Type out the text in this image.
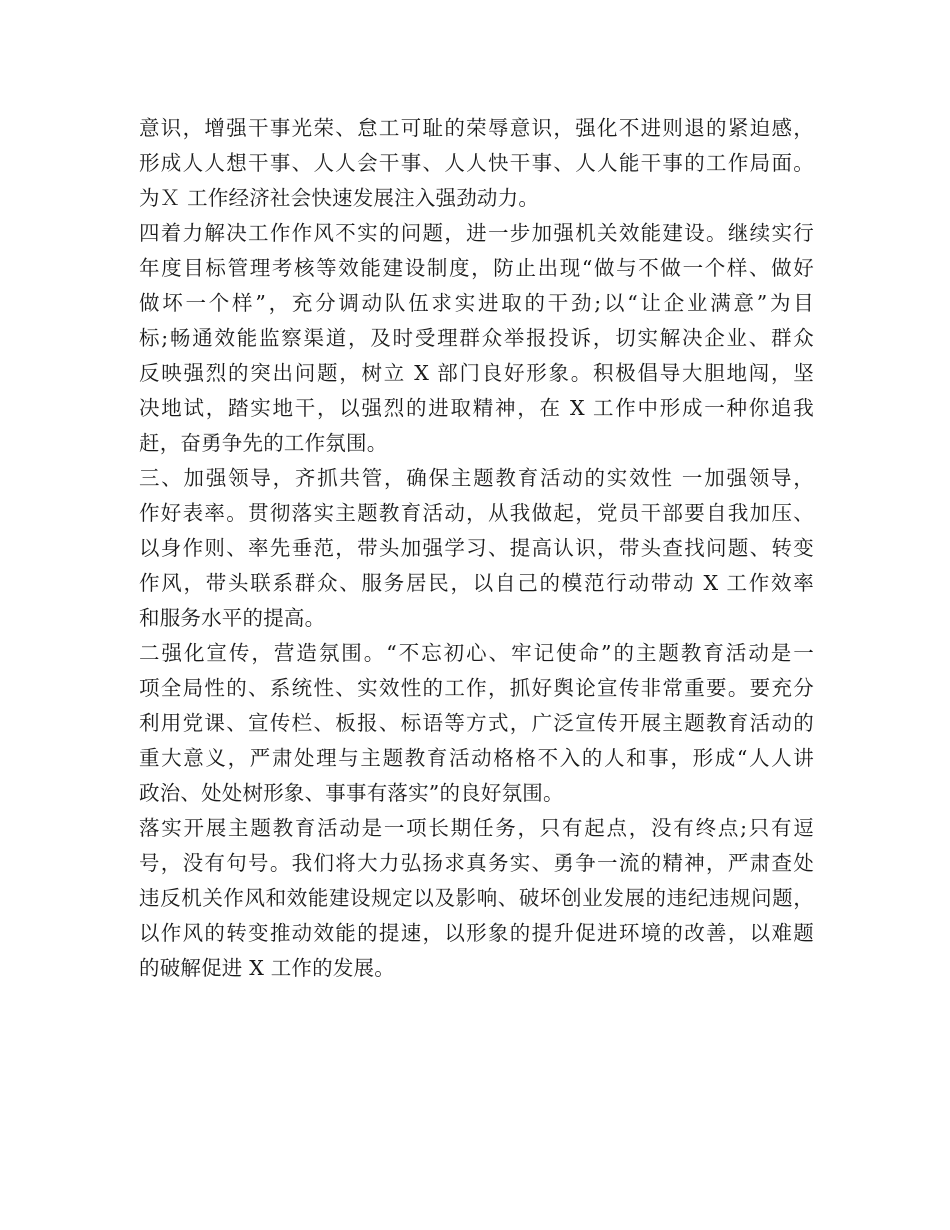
意识，增强干事光荣、怠工可耻的荣辱意识，强化不进则退的紧迫感，
形成人人想干事、人人会干事、人人快干事、人人能干事的工作局面。
为Ｘ 工作经济社会快速发展注入强劲动力。
四着力解决工作作风不实的问题，进一步加强机关效能建设。继续实行
年度目标管理考核等效能建设制度，防止出现“做与不做一个样、做好
做坏一个样”，充分调动队伍求实进取的干劲;以“让企业满意”为目
标;畅通效能监察渠道，及时受理群众举报投诉，切实解决企业、群众
反映强烈的突出问题，树立 X 部门良好形象。积极倡导大胆地闯，坚
决地试，踏实地干，以强烈的进取精神，在 X 工作中形成一种你追我
赶，奋勇争先的工作氛围。
三、加强领导，齐抓共管，确保主题教育活动的实效性 一加强领导，
作好表率。贯彻落实主题教育活动，从我做起，党员干部要自我加压、
以身作则、率先垂范，带头加强学习、提高认识，带头查找问题、转变
作风，带头联系群众、服务居民，以自己的模范行动带动 X 工作效率
和服务水平的提高。
二强化宣传，营造氛围。“不忘初心、牢记使命”的主题教育活动是一
项全局性的、系统性、实效性的工作，抓好舆论宣传非常重要。要充分
利用党课、宣传栏、板报、标语等方式，广泛宣传开展主题教育活动的
重大意义，严肃处理与主题教育活动格格不入的人和事，形成“人人讲
政治、处处树形象、事事有落实”的良好氛围。
落实开展主题教育活动是一项长期任务，只有起点，没有终点;只有逗
号，没有句号。我们将大力弘扬求真务实、勇争一流的精神，严肃查处
违反机关作风和效能建设规定以及影响、破坏创业发展的违纪违规问题，
以作风的转变推动效能的提速，以形象的提升促进环境的改善，以难题
的破解促进 X 工作的发展。
